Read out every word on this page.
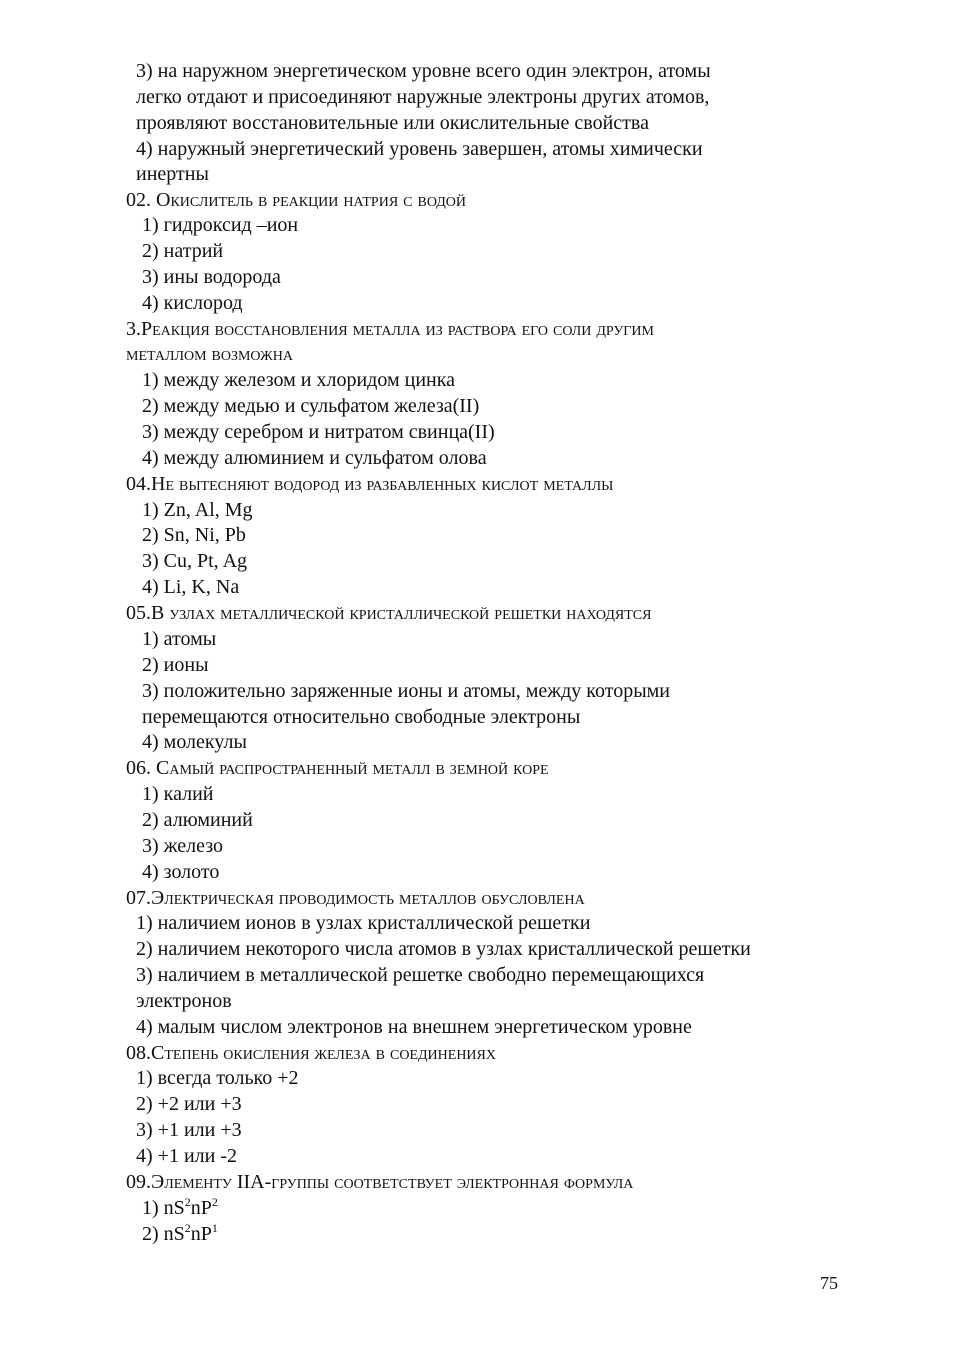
3) на наружном энергетическом уровне всего один электрон, атомы
легко отдают и присоединяют наружные электроны других атомов,
проявляют восстановительные или окислительные свойства
4) наружный энергетический уровень завершен, атомы химически
инертны
02. Окислитель в реакции натрия с водой
1) гидроксид –ион
2) натрий
3) ины водорода
4) кислород
3.Реакция восстановления металла из раствора его соли другим
металлом возможна
1) между железом и хлоридом цинка
2) между медью и сульфатом железа(II)
3) между серебром и нитратом свинца(II)
4) между алюминием и сульфатом олова
04.Не вытесняют водород из разбавленных кислот металлы
1) Zn, Al, Mg
2) Sn, Ni, Pb
3) Cu, Pt, Ag
4) Li, K, Na
05.В узлах металлической кристаллической решетки находятся
1) атомы
2) ионы
3) положительно заряженные ионы и атомы, между которыми
перемещаются относительно свободные электроны
4) молекулы
06. Самый распространенный металл в земной коре
1) калий
2) алюминий
3) железо
4) золото
07.Электрическая проводимость металлов обусловлена
1) наличием ионов в узлах кристаллической решетки
2) наличием некоторого числа атомов в узлах кристаллической решетки
3) наличием в металлической решетке свободно перемещающихся
электронов
4) малым числом электронов на внешнем энергетическом уровне
08.Степень окисления железа в соединениях
1) всегда только +2
2) +2 или +3
3) +1 или +3
4) +1 или -2
09.Элементу IIA-группы соответствует электронная формула
1) $nS^2nP^2$
2) $nS^2nP^1$
75
